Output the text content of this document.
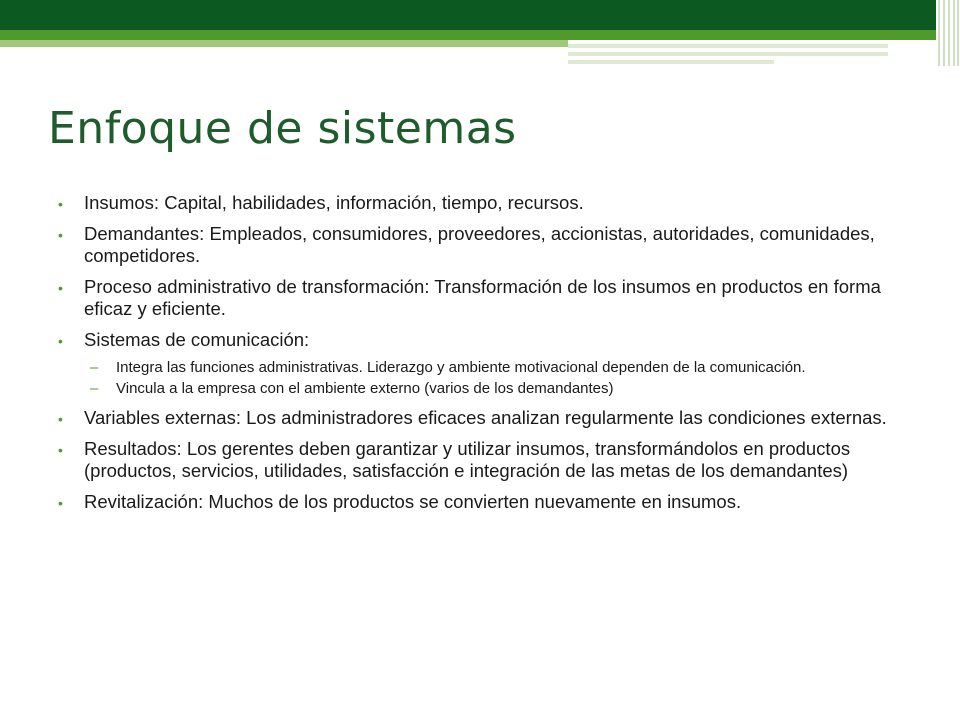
Enfoque de sistemas
• Insumos: Capital, habilidades, información, tiempo, recursos.
• Demandantes: Empleados, consumidores, proveedores, accionistas, autoridades, comunidades, competidores.
• Proceso administrativo de transformación: Transformación de los insumos en productos en forma eficaz y eficiente.
• Sistemas de comunicación:
– Integra las funciones administrativas. Liderazgo y ambiente motivacional dependen de la comunicación.
– Vincula a la empresa con el ambiente externo (varios de los demandantes)
• Variables externas: Los administradores eficaces analizan regularmente las condiciones externas.
• Resultados: Los gerentes deben garantizar y utilizar insumos, transformándolos en productos (productos, servicios, utilidades, satisfacción e integración de las metas de los demandantes)
• Revitalización: Muchos de los productos se convierten nuevamente en insumos.
